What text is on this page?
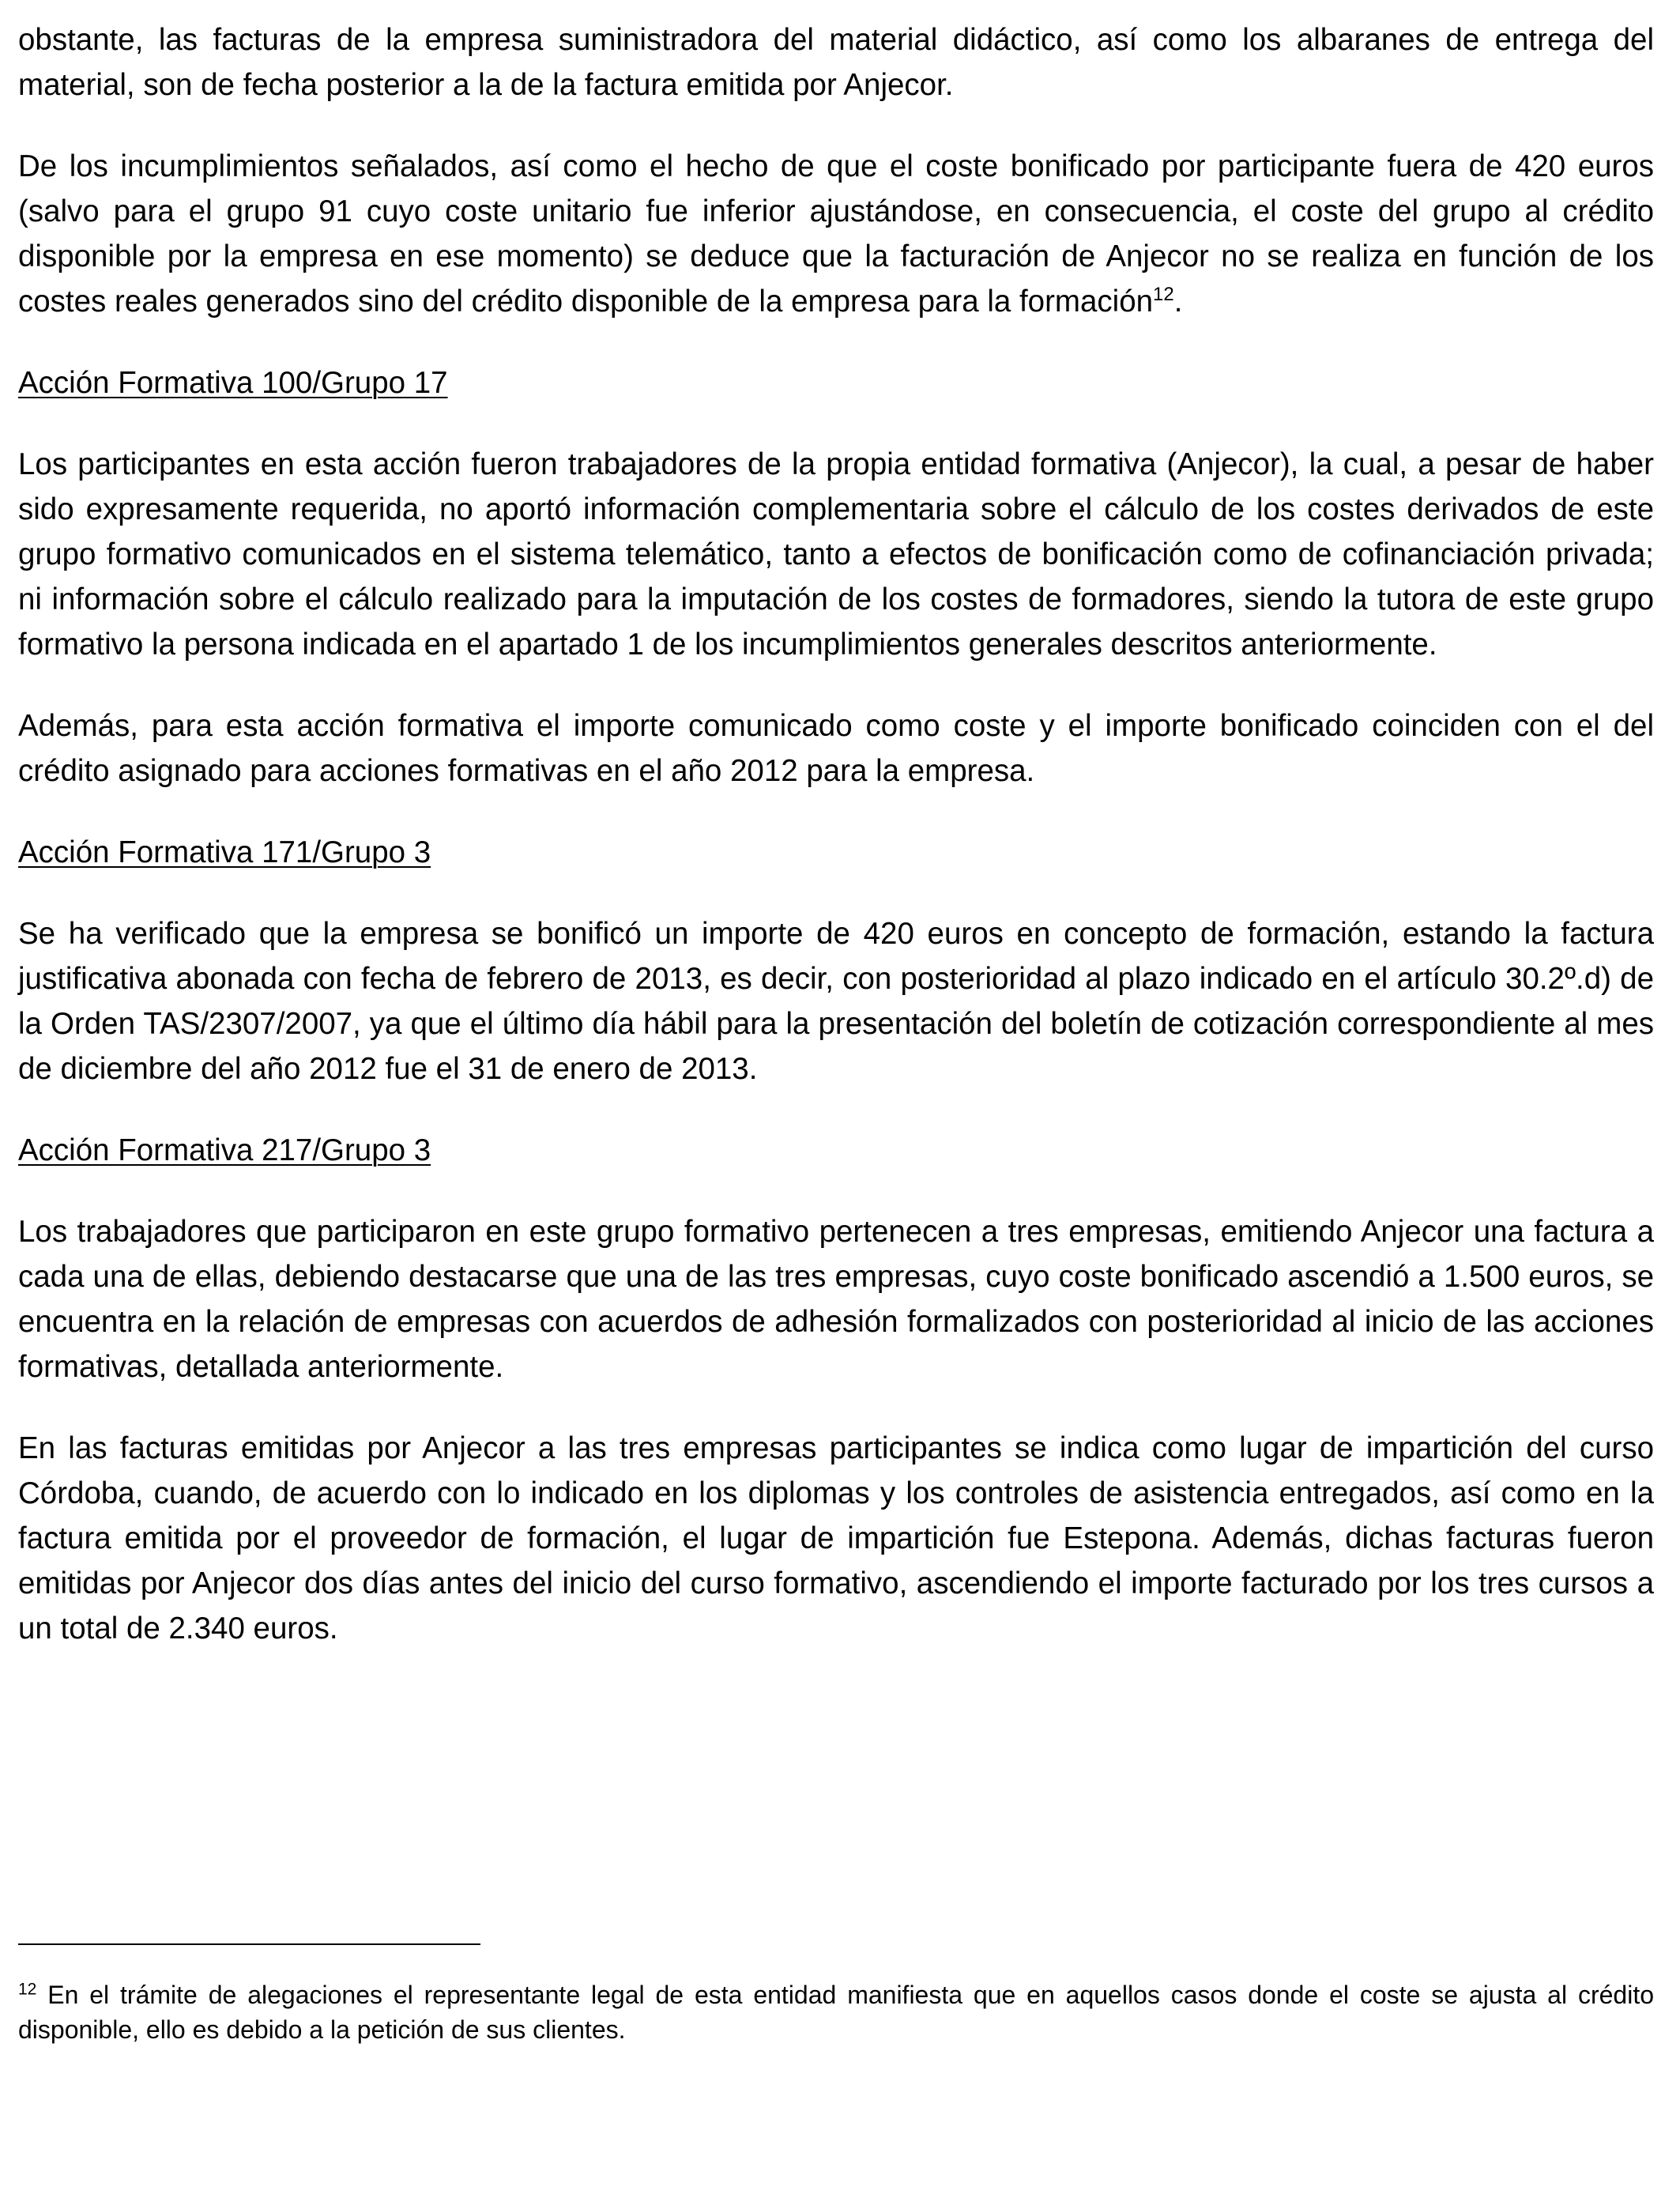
obstante, las facturas de la empresa suministradora del material didáctico, así como los albaranes de entrega del material, son de fecha posterior a la de la factura emitida por Anjecor.

De los incumplimientos señalados, así como el hecho de que el coste bonificado por participante fuera de 420 euros (salvo para el grupo 91 cuyo coste unitario fue inferior ajustándose, en consecuencia, el coste del grupo al crédito disponible por la empresa en ese momento) se deduce que la facturación de Anjecor no se realiza en función de los costes reales generados sino del crédito disponible de la empresa para la formación$^{12}$.

Acción Formativa 100/Grupo 17

Los participantes en esta acción fueron trabajadores de la propia entidad formativa (Anjecor), la cual, a pesar de haber sido expresamente requerida, no aportó información complementaria sobre el cálculo de los costes derivados de este grupo formativo comunicados en el sistema telemático, tanto a efectos de bonificación como de cofinanciación privada; ni información sobre el cálculo realizado para la imputación de los costes de formadores, siendo la tutora de este grupo formativo la persona indicada en el apartado 1 de los incumplimientos generales descritos anteriormente.

Además, para esta acción formativa el importe comunicado como coste y el importe bonificado coinciden con el del crédito asignado para acciones formativas en el año 2012 para la empresa.

Acción Formativa 171/Grupo 3

Se ha verificado que la empresa se bonificó un importe de 420 euros en concepto de formación, estando la factura justificativa abonada con fecha de febrero de 2013, es decir, con posterioridad al plazo indicado en el artículo 30.2º.d) de la Orden TAS/2307/2007, ya que el último día hábil para la presentación del boletín de cotización correspondiente al mes de diciembre del año 2012 fue el 31 de enero de 2013.

Acción Formativa 217/Grupo 3

Los trabajadores que participaron en este grupo formativo pertenecen a tres empresas, emitiendo Anjecor una factura a cada una de ellas, debiendo destacarse que una de las tres empresas, cuyo coste bonificado ascendió a 1.500 euros, se encuentra en la relación de empresas con acuerdos de adhesión formalizados con posterioridad al inicio de las acciones formativas, detallada anteriormente.

En las facturas emitidas por Anjecor a las tres empresas participantes se indica como lugar de impartición del curso Córdoba, cuando, de acuerdo con lo indicado en los diplomas y los controles de asistencia entregados, así como en la factura emitida por el proveedor de formación, el lugar de impartición fue Estepona. Además, dichas facturas fueron emitidas por Anjecor dos días antes del inicio del curso formativo, ascendiendo el importe facturado por los tres cursos a un total de 2.340 euros.

$^{12}$ En el trámite de alegaciones el representante legal de esta entidad manifiesta que en aquellos casos donde el coste se ajusta al crédito disponible, ello es debido a la petición de sus clientes.
